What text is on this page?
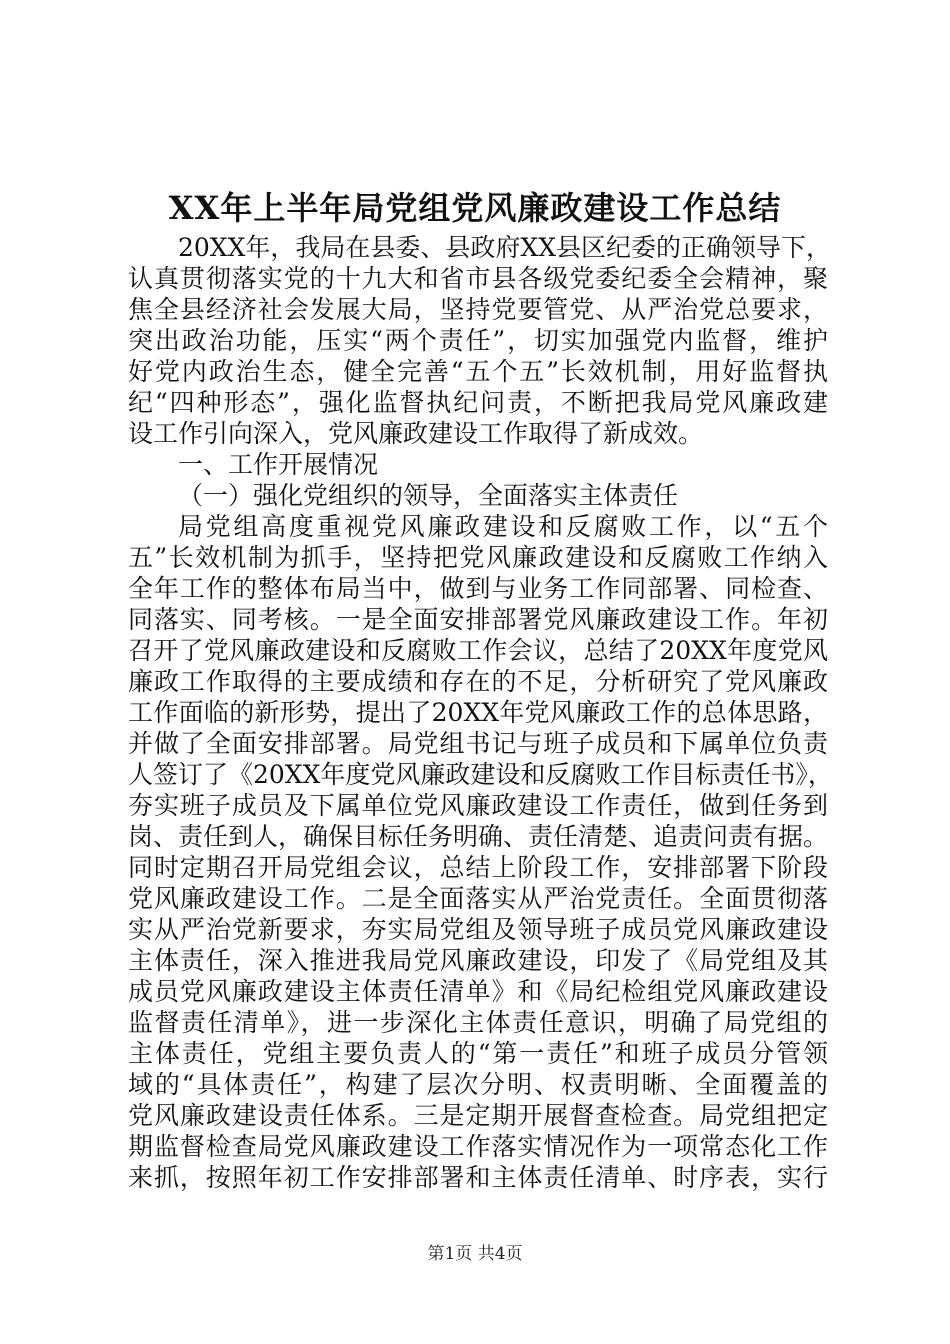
XX年上半年局党组党风廉政建设工作总结
20XX年，我局在县委、县政府XX县区纪委的正确领导下，
认真贯彻落实党的十九大和省市县各级党委纪委全会精神，聚
焦全县经济社会发展大局，坚持党要管党、从严治党总要求，
突出政治功能，压实“两个责任”，切实加强党内监督，维护
好党内政治生态，健全完善“五个五”长效机制，用好监督执
纪“四种形态”，强化监督执纪问责，不断把我局党风廉政建
设工作引向深入，党风廉政建设工作取得了新成效。
一、工作开展情况
（一）强化党组织的领导，全面落实主体责任
局党组高度重视党风廉政建设和反腐败工作，以“五个
五”长效机制为抓手，坚持把党风廉政建设和反腐败工作纳入
全年工作的整体布局当中，做到与业务工作同部署、同检查、
同落实、同考核。一是全面安排部署党风廉政建设工作。年初
召开了党风廉政建设和反腐败工作会议，总结了20XX年度党风
廉政工作取得的主要成绩和存在的不足，分析研究了党风廉政
工作面临的新形势，提出了20XX年党风廉政工作的总体思路，
并做了全面安排部署。局党组书记与班子成员和下属单位负责
人签订了《20XX年度党风廉政建设和反腐败工作目标责任书》，
夯实班子成员及下属单位党风廉政建设工作责任，做到任务到
岗、责任到人，确保目标任务明确、责任清楚、追责问责有据。
同时定期召开局党组会议，总结上阶段工作，安排部署下阶段
党风廉政建设工作。二是全面落实从严治党责任。全面贯彻落
实从严治党新要求，夯实局党组及领导班子成员党风廉政建设
主体责任，深入推进我局党风廉政建设，印发了《局党组及其
成员党风廉政建设主体责任清单》和《局纪检组党风廉政建设
监督责任清单》，进一步深化主体责任意识，明确了局党组的
主体责任，党组主要负责人的“第一责任”和班子成员分管领
域的“具体责任”，构建了层次分明、权责明晰、全面覆盖的
党风廉政建设责任体系。三是定期开展督查检查。局党组把定
期监督检查局党风廉政建设工作落实情况作为一项常态化工作
来抓，按照年初工作安排部署和主体责任清单、时序表，实行
第1页 共4页
